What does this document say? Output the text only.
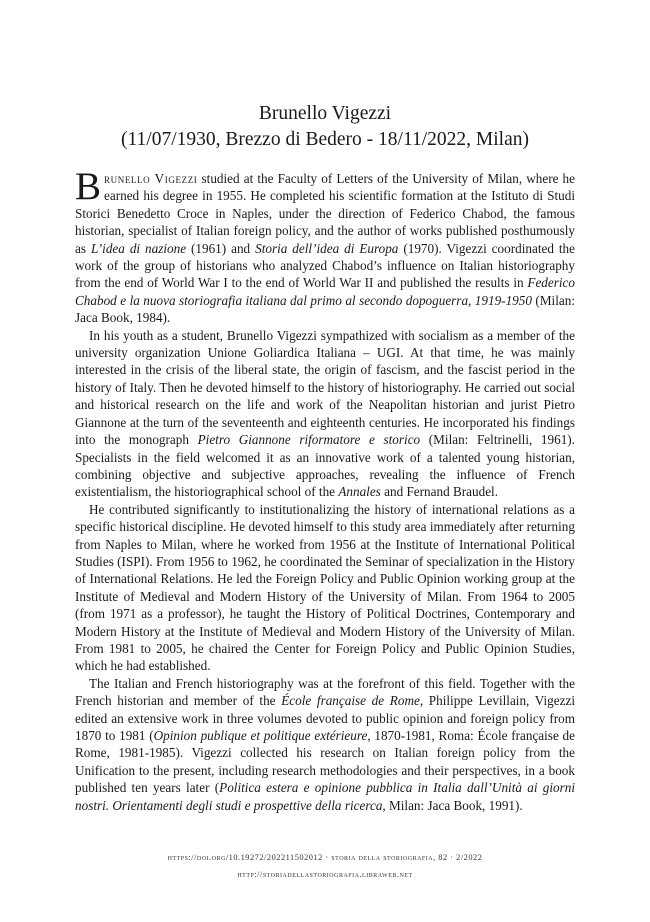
Brunello Vigezzi
(11/07/1930, Brezzo di Bedero - 18/11/2022, Milan)

Brunello Vigezzi studied at the Faculty of Letters of the University of Milan, where he earned his degree in 1955. He completed his scientific formation at the Istituto di Studi Storici Benedetto Croce in Naples, under the direction of Federico Chabod, the famous historian, specialist of Italian foreign policy, and the author of works published posthumously as L’idea di nazione (1961) and Storia dell’idea di Europa (1970). Vigezzi coordinated the work of the group of historians who analyzed Chabod’s influence on Italian historiography from the end of World War I to the end of World War II and published the results in Federico Chabod e la nuova storiografia italiana dal primo al secondo dopoguerra, 1919-1950 (Milan: Jaca Book, 1984).

In his youth as a student, Brunello Vigezzi sympathized with socialism as a member of the university organization Unione Goliardica Italiana – UGI. At that time, he was mainly interested in the crisis of the liberal state, the origin of fascism, and the fascist period in the history of Italy. Then he devoted himself to the history of historiography. He carried out social and historical research on the life and work of the Neapolitan historian and jurist Pietro Giannone at the turn of the seventeenth and eighteenth centuries. He incorporated his findings into the monograph Pietro Giannone riformatore e storico (Milan: Feltrinelli, 1961). Specialists in the field welcomed it as an innovative work of a talented young historian, combining objective and subjective approaches, revealing the influence of French existentialism, the historiographical school of the Annales and Fernand Braudel.

He contributed significantly to institutionalizing the history of international relations as a specific historical discipline. He devoted himself to this study area immediately after returning from Naples to Milan, where he worked from 1956 at the Institute of International Political Studies (ISPI). From 1956 to 1962, he coordinated the Seminar of specialization in the History of International Relations. He led the Foreign Policy and Public Opinion working group at the Institute of Medieval and Modern History of the University of Milan. From 1964 to 2005 (from 1971 as a professor), he taught the History of Political Doctrines, Contemporary and Modern History at the Institute of Medieval and Modern History of the University of Milan. From 1981 to 2005, he chaired the Center for Foreign Policy and Public Opinion Studies, which he had established.

The Italian and French historiography was at the forefront of this field. Together with the French historian and member of the École française de Rome, Philippe Levillain, Vigezzi edited an extensive work in three volumes devoted to public opinion and foreign policy from 1870 to 1981 (Opinion publique et politique extérieure, 1870-1981, Roma: École française de Rome, 1981-1985). Vigezzi collected his research on Italian foreign policy from the Unification to the present, including research methodologies and their perspectives, in a book published ten years later (Politica estera e opinione pubblica in Italia dall’Unità ai giorni nostri. Orientamenti degli studi e prospettive della ricerca, Milan: Jaca Book, 1991).

https://doi.org/10.19272/202211502012 · storia della storiografia, 82 · 2/2022
http://storiadellastoriografia.libraweb.net
